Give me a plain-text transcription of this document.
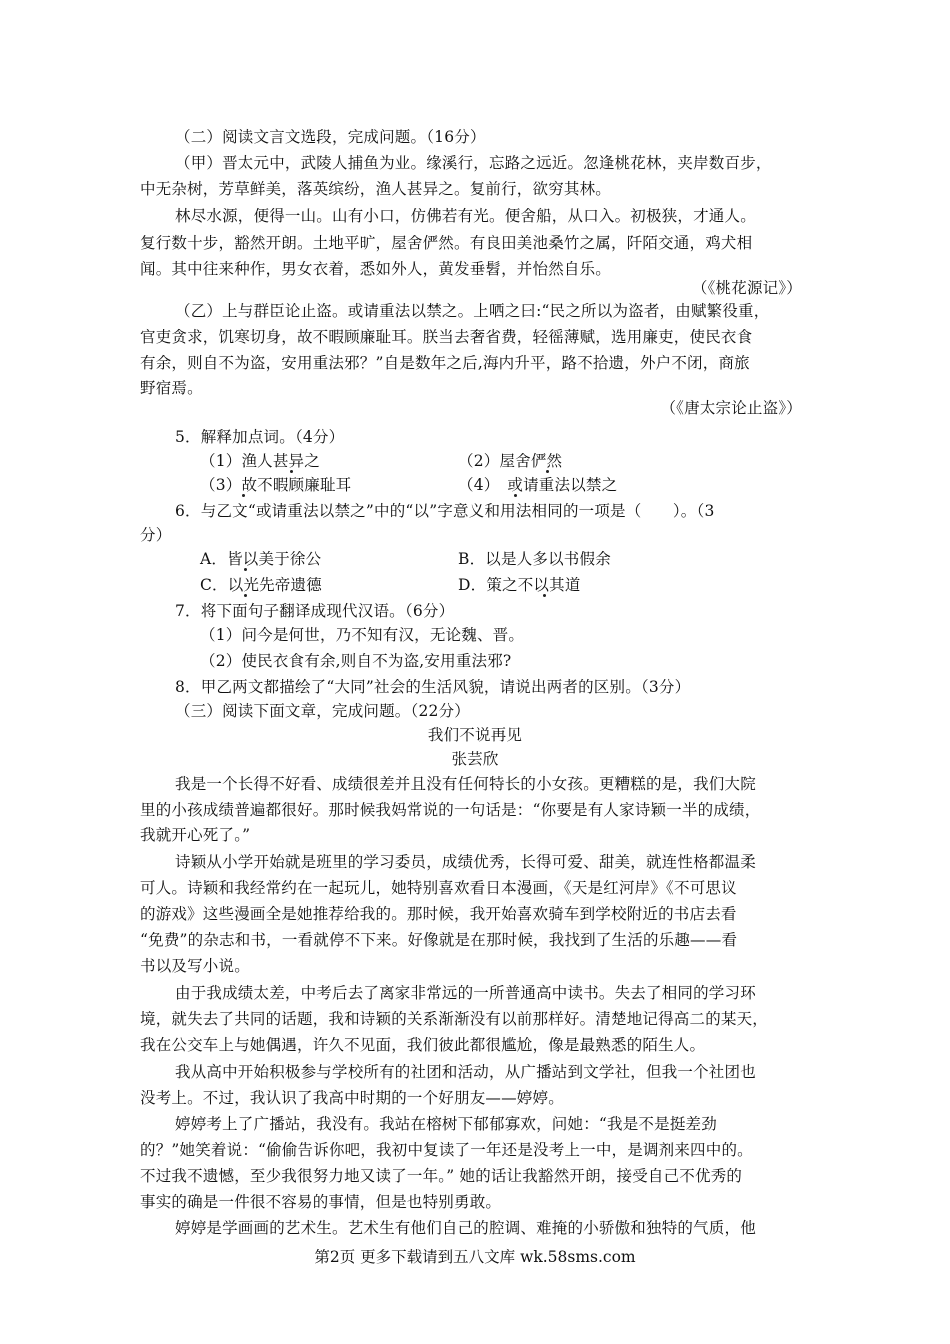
（二）阅读文言文选段，完成问题。（16分）
（甲）晋太元中，武陵人捕鱼为业。缘溪行，忘路之远近。忽逢桃花林，夹岸数百步，
中无杂树，芳草鲜美，落英缤纷，渔人甚异之。复前行，欲穷其林。
林尽水源，便得一山。山有小口，仿佛若有光。便舍船，从口入。初极狭，才通人。
复行数十步，豁然开朗。土地平旷，屋舍俨然。有良田美池桑竹之属，阡陌交通，鸡犬相
闻。其中往来种作，男女衣着，悉如外人，黄发垂髫，并怡然自乐。
（《桃花源记》）
（乙）上与群臣论止盗。或请重法以禁之。上哂之曰:“民之所以为盗者，由赋繁役重，
官吏贪求，饥寒切身，故不暇顾廉耻耳。朕当去奢省费，轻徭薄赋，选用廉吏，使民衣食
有余，则自不为盗，安用重法邪？”自是数年之后,海内升平，路不拾遗，外户不闭，商旅
野宿焉。
（《唐太宗论止盗》）
5．解释加点词。（4分）
（1）渔人甚异之	（2）屋舍俨然
（3）故不暇顾廉耻耳	（4）　或请重法以禁之
6．与乙文“或请重法以禁之”中的“以”字意义和用法相同的一项是（　　）。（3
分）
A．皆以美于徐公	B．以是人多以书假余
C．以光先帝遗德	D．策之不以其道
7．将下面句子翻译成现代汉语。（6分）
（1）问今是何世，乃不知有汉，无论魏、晋。
（2）使民衣食有余,则自不为盗,安用重法邪?
8．甲乙两文都描绘了“大同”社会的生活风貌，请说出两者的区别。（3分）
（三）阅读下面文章，完成问题。（22分）
我们不说再见
张芸欣
我是一个长得不好看、成绩很差并且没有任何特长的小女孩。更糟糕的是，我们大院
里的小孩成绩普遍都很好。那时候我妈常说的一句话是：“你要是有人家诗颖一半的成绩，
我就开心死了。”
诗颖从小学开始就是班里的学习委员，成绩优秀，长得可爱、甜美，就连性格都温柔
可人。诗颖和我经常约在一起玩儿，她特别喜欢看日本漫画，《天是红河岸》《不可思议
的游戏》这些漫画全是她推荐给我的。那时候，我开始喜欢骑车到学校附近的书店去看
“免费”的杂志和书，一看就停不下来。好像就是在那时候，我找到了生活的乐趣——看
书以及写小说。
由于我成绩太差，中考后去了离家非常远的一所普通高中读书。失去了相同的学习环
境，就失去了共同的话题，我和诗颖的关系渐渐没有以前那样好。清楚地记得高二的某天，
我在公交车上与她偶遇，许久不见面，我们彼此都很尴尬，像是最熟悉的陌生人。
我从高中开始积极参与学校所有的社团和活动，从广播站到文学社，但我一个社团也
没考上。不过，我认识了我高中时期的一个好朋友——婷婷。
婷婷考上了广播站，我没有。我站在榕树下郁郁寡欢，问她：“我是不是挺差劲
的？”她笑着说：“偷偷告诉你吧，我初中复读了一年还是没考上一中，是调剂来四中的。
不过我不遗憾，至少我很努力地又读了一年。” 她的话让我豁然开朗，接受自己不优秀的
事实的确是一件很不容易的事情，但是也特别勇敢。
婷婷是学画画的艺术生。艺术生有他们自己的腔调、难掩的小骄傲和独特的气质，他
第2页 更多下载请到五八文库 wk.58sms.com
